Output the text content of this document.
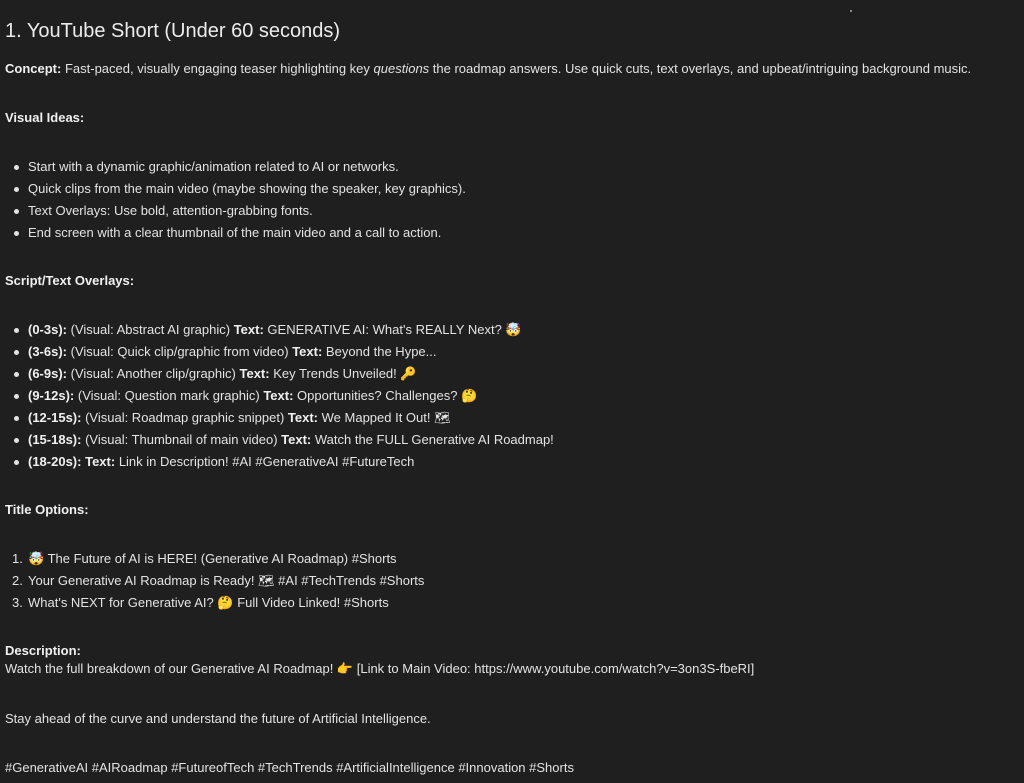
1. YouTube Short (Under 60 seconds)
Concept: Fast-paced, visually engaging teaser highlighting key questions the roadmap answers. Use quick cuts, text overlays, and upbeat/intriguing background music.
Visual Ideas:
Start with a dynamic graphic/animation related to AI or networks.
Quick clips from the main video (maybe showing the speaker, key graphics).
Text Overlays: Use bold, attention-grabbing fonts.
End screen with a clear thumbnail of the main video and a call to action.
Script/Text Overlays:
(0-3s): (Visual: Abstract AI graphic) Text: GENERATIVE AI: What's REALLY Next? 🤯
(3-6s): (Visual: Quick clip/graphic from video) Text: Beyond the Hype...
(6-9s): (Visual: Another clip/graphic) Text: Key Trends Unveiled! 🔑
(9-12s): (Visual: Question mark graphic) Text: Opportunities? Challenges? 🤔
(12-15s): (Visual: Roadmap graphic snippet) Text: We Mapped It Out! 🗺
(15-18s): (Visual: Thumbnail of main video) Text: Watch the FULL Generative AI Roadmap!
(18-20s): Text: Link in Description! #AI #GenerativeAI #FutureTech
Title Options:
1. 🤯 The Future of AI is HERE! (Generative AI Roadmap) #Shorts
2. Your Generative AI Roadmap is Ready! 🗺 #AI #TechTrends #Shorts
3. What's NEXT for Generative AI? 🤔 Full Video Linked! #Shorts
Description:
Watch the full breakdown of our Generative AI Roadmap! 👉 [Link to Main Video: https://www.youtube.com/watch?v=3on3S-fbeRI]
Stay ahead of the curve and understand the future of Artificial Intelligence.
#GenerativeAI #AIRoadmap #FutureofTech #TechTrends #ArtificialIntelligence #Innovation #Shorts
